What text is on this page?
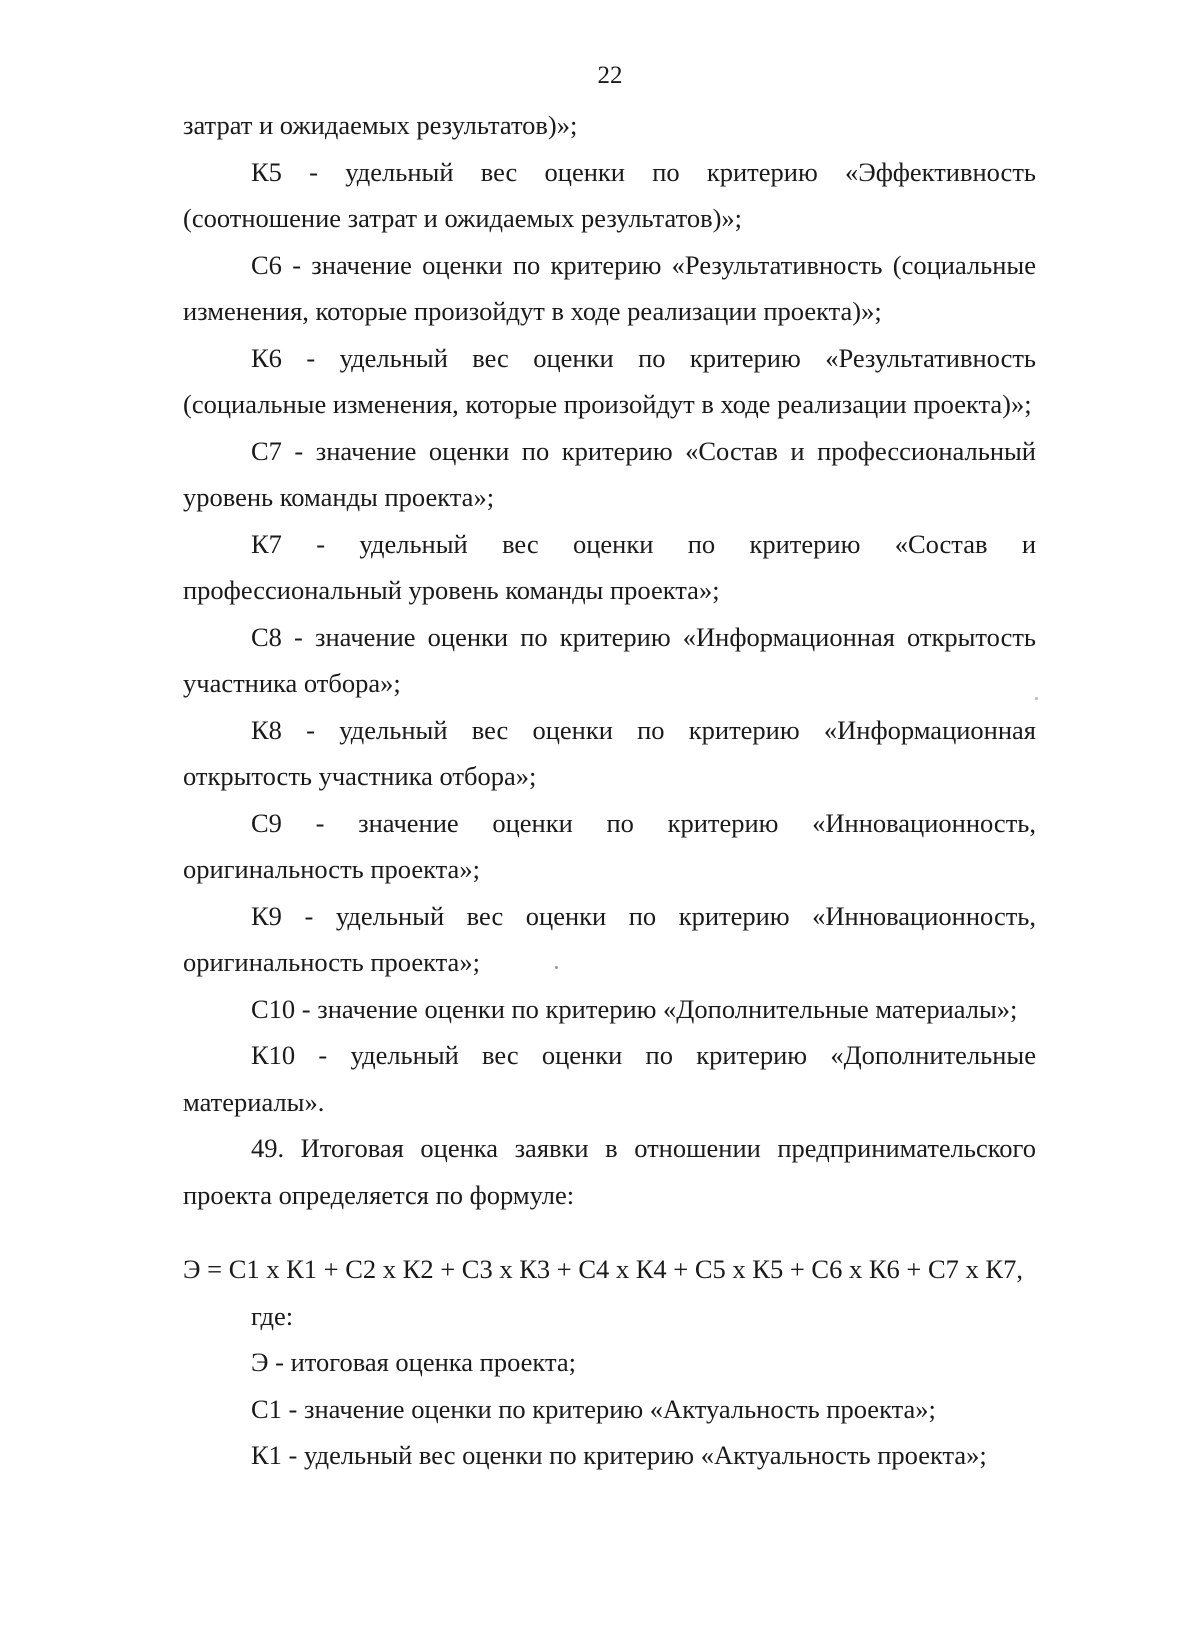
22

затрат и ожидаемых результатов)»;

К5 - удельный вес оценки по критерию «Эффективность (соотношение затрат и ожидаемых результатов)»;

С6 - значение оценки по критерию «Результативность (социальные изменения, которые произойдут в ходе реализации проекта)»;

К6 - удельный вес оценки по критерию «Результативность (социальные изменения, которые произойдут в ходе реализации проекта)»;

С7 - значение оценки по критерию «Состав и профессиональный уровень команды проекта»;

К7 - удельный вес оценки по критерию «Состав и профессиональный уровень команды проекта»;

С8 - значение оценки по критерию «Информационная открытость участника отбора»;

К8 - удельный вес оценки по критерию «Информационная открытость участника отбора»;

С9 - значение оценки по критерию «Инновационность, оригинальность проекта»;

К9 - удельный вес оценки по критерию «Инновационность, оригинальность проекта»;

С10 - значение оценки по критерию «Дополнительные материалы»;

К10 - удельный вес оценки по критерию «Дополнительные материалы».

49. Итоговая оценка заявки в отношении предпринимательского проекта определяется по формуле:

Э = С1 х К1 + С2 х К2 + С3 х К3 + С4 х К4 + С5 х К5 + С6 х К6 + С7 х К7,

где:

Э - итоговая оценка проекта;

С1 - значение оценки по критерию «Актуальность проекта»;

К1 - удельный вес оценки по критерию «Актуальность проекта»;
